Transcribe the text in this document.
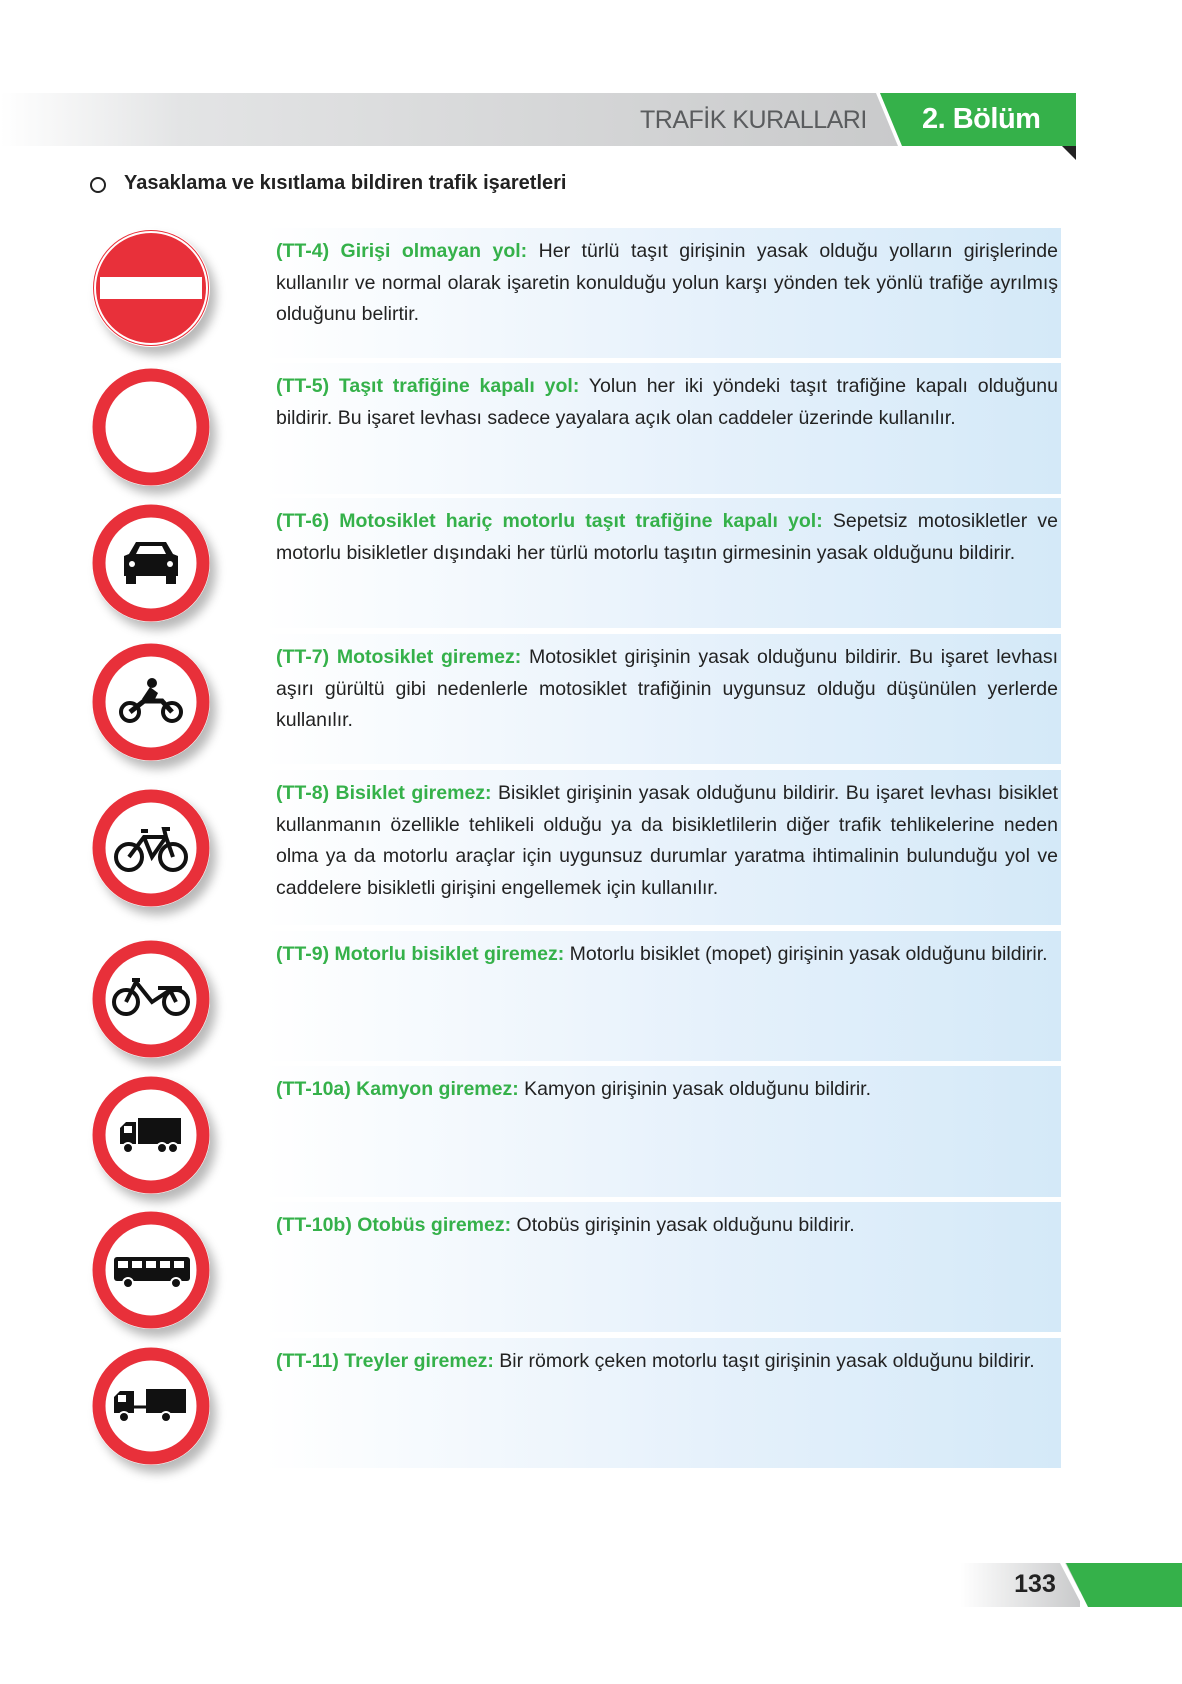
TRAFİK KURALLARI	2. Bölüm
Yasaklama ve kısıtlama bildiren trafik işaretleri
(TT-4) Girişi olmayan yol: Her türlü taşıt girişinin yasak olduğu yolların girişlerinde kullanılır ve normal olarak işaretin konulduğu yolun karşı yönden tek yönlü trafiğe ayrılmış olduğunu belirtir.
(TT-5) Taşıt trafiğine kapalı yol: Yolun her iki yöndeki taşıt trafiğine kapalı olduğunu bildirir. Bu işaret levhası sadece yayalara açık olan caddeler üzerinde kullanılır.
(TT-6) Motosiklet hariç motorlu taşıt trafiğine kapalı yol: Sepetsiz motosikletler ve motorlu bisikletler dışındaki her türlü motorlu taşıtın girmesinin yasak olduğunu bildirir.
(TT-7) Motosiklet giremez: Motosiklet girişinin yasak olduğunu bildirir. Bu işaret levhası aşırı gürültü gibi nedenlerle motosiklet trafiğinin uygunsuz olduğu düşünülen yerlerde kullanılır.
(TT-8) Bisiklet giremez: Bisiklet girişinin yasak olduğunu bildirir. Bu işaret levhası bisiklet kullanmanın özellikle tehlikeli olduğu ya da bisikletlilerin diğer trafik tehlikelerine neden olma ya da motorlu araçlar için uygunsuz durumlar yaratma ihtimalinin bulunduğu yol ve caddelere bisikletli girişini engellemek için kullanılır.
(TT-9) Motorlu bisiklet giremez: Motorlu bisiklet (mopet) girişinin yasak olduğunu bildirir.
(TT-10a) Kamyon giremez: Kamyon girişinin yasak olduğunu bildirir.
(TT-10b) Otobüs giremez: Otobüs girişinin yasak olduğunu bildirir.
(TT-11) Treyler giremez: Bir römork çeken motorlu taşıt girişinin yasak olduğunu bildirir.
133
